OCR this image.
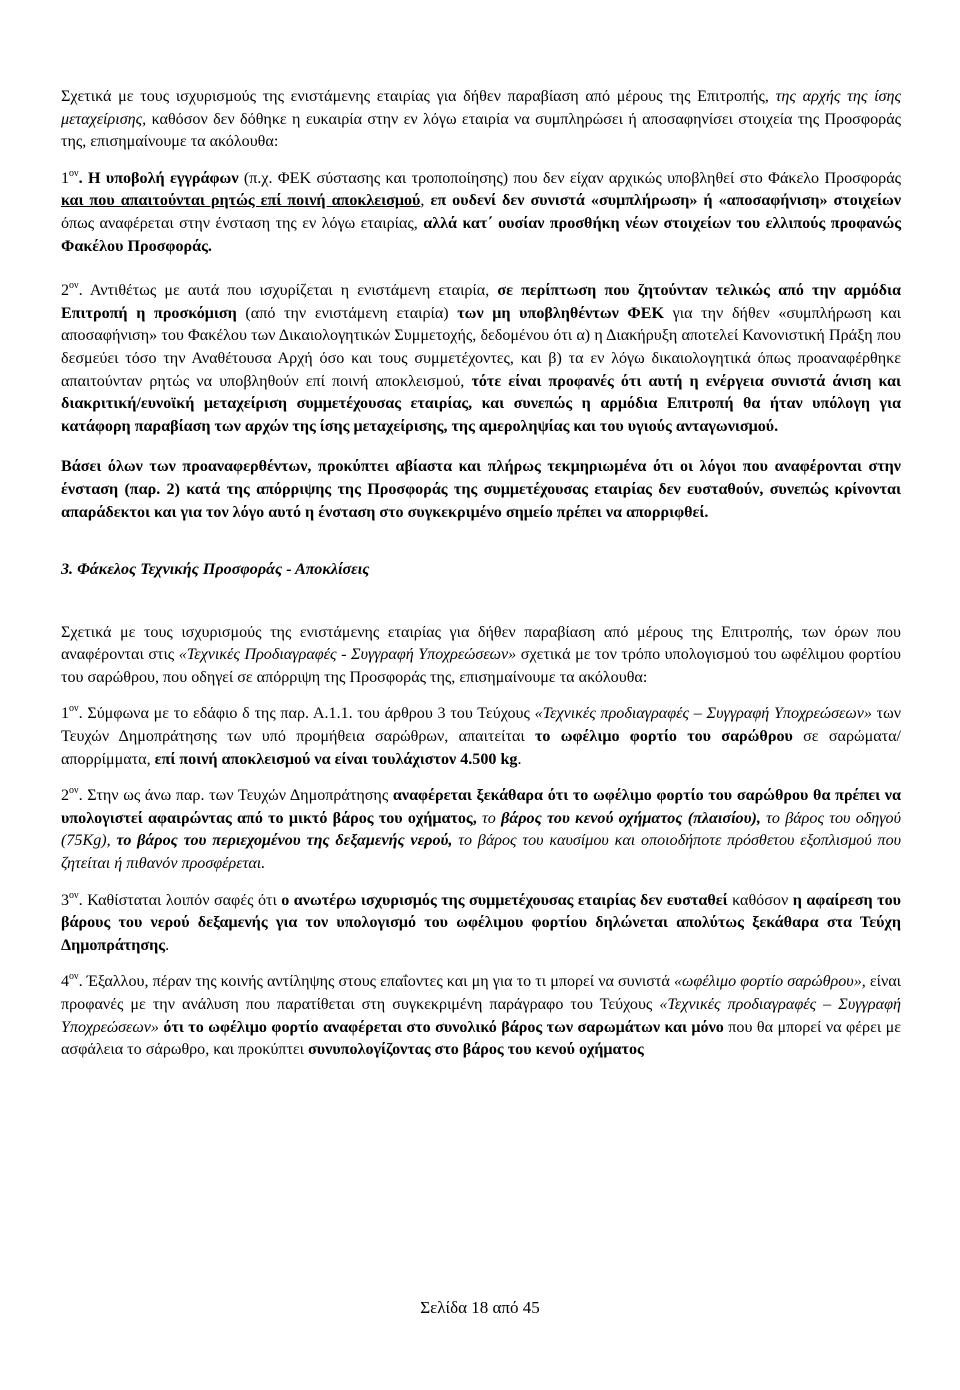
Σχετικά με τους ισχυρισμούς της ενιστάμενης εταιρίας για δήθεν παραβίαση από μέρους της Επιτροπής, της αρχής της ίσης μεταχείρισης, καθόσον δεν δόθηκε η ευκαιρία στην εν λόγω εταιρία να συμπληρώσει ή αποσαφηνίσει στοιχεία της Προσφοράς της, επισημαίνουμε τα ακόλουθα:

$1^{o\nu}$. Η υποβολή εγγράφων (π.χ. ΦΕΚ σύστασης και τροποποίησης) που δεν είχαν αρχικώς υποβληθεί στο Φάκελο Προσφοράς και που απαιτούνται ρητώς επί ποινή αποκλεισμού, επ ουδενί δεν συνιστά «συμπλήρωση» ή «αποσαφήνιση» στοιχείων όπως αναφέρεται στην ένσταση της εν λόγω εταιρίας, αλλά κατ΄ ουσίαν προσθήκη νέων στοιχείων του ελλιπούς προφανώς Φακέλου Προσφοράς.

$2^{o\nu}$. Αντιθέτως με αυτά που ισχυρίζεται η ενιστάμενη εταιρία, σε περίπτωση που ζητούνταν τελικώς από την αρμόδια Επιτροπή η προσκόμιση (από την ενιστάμενη εταιρία) των μη υποβληθέντων ΦΕΚ για την δήθεν «συμπλήρωση και αποσαφήνιση» του Φακέλου των Δικαιολογητικών Συμμετοχής, δεδομένου ότι α) η Διακήρυξη αποτελεί Κανονιστική Πράξη που δεσμεύει τόσο την Αναθέτουσα Αρχή όσο και τους συμμετέχοντες, και β) τα εν λόγω δικαιολογητικά όπως προαναφέρθηκε απαιτούνταν ρητώς να υποβληθούν επί ποινή αποκλεισμού, τότε είναι προφανές ότι αυτή η ενέργεια συνιστά άνιση και διακριτική/ευνοϊκή μεταχείριση συμμετέχουσας εταιρίας, και συνεπώς η αρμόδια Επιτροπή θα ήταν υπόλογη για κατάφορη παραβίαση των αρχών της ίσης μεταχείρισης, της αμεροληψίας και του υγιούς ανταγωνισμού.

Βάσει όλων των προαναφερθέντων, προκύπτει αβίαστα και πλήρως τεκμηριωμένα ότι οι λόγοι που αναφέρονται στην ένσταση (παρ. 2) κατά της απόρριψης της Προσφοράς της συμμετέχουσας εταιρίας δεν ευσταθούν, συνεπώς κρίνονται απαράδεκτοι και για τον λόγο αυτό η ένσταση στο συγκεκριμένο σημείο πρέπει να απορριφθεί.

3. Φάκελος Τεχνικής Προσφοράς - Αποκλίσεις

Σχετικά με τους ισχυρισμούς της ενιστάμενης εταιρίας για δήθεν παραβίαση από μέρους της Επιτροπής, των όρων που αναφέρονται στις «Τεχνικές Προδιαγραφές - Συγγραφή Υποχρεώσεων» σχετικά με τον τρόπο υπολογισμού του ωφέλιμου φορτίου του σαρώθρου, που οδηγεί σε απόρριψη της Προσφοράς της, επισημαίνουμε τα ακόλουθα:

$1^{o\nu}$. Σύμφωνα με το εδάφιο δ της παρ. Α.1.1. του άρθρου 3 του Τεύχους «Τεχνικές προδιαγραφές – Συγγραφή Υποχρεώσεων» των Τευχών Δημοπράτησης των υπό προμήθεια σαρώθρων, απαιτείται το ωφέλιμο φορτίο του σαρώθρου σε σαρώματα/απορρίμματα, επί ποινή αποκλεισμού να είναι τουλάχιστον 4.500 kg.

$2^{o\nu}$. Στην ως άνω παρ. των Τευχών Δημοπράτησης αναφέρεται ξεκάθαρα ότι το ωφέλιμο φορτίο του σαρώθρου θα πρέπει να υπολογιστεί αφαιρώντας από το μικτό βάρος του οχήματος, το βάρος του κενού οχήματος (πλαισίου), το βάρος του οδηγού (75Kg), το βάρος του περιεχομένου της δεξαμενής νερού, το βάρος του καυσίμου και οποιοδήποτε πρόσθετου εξοπλισμού που ζητείται ή πιθανόν προσφέρεται.

$3^{o\nu}$. Καθίσταται λοιπόν σαφές ότι ο ανωτέρω ισχυρισμός της συμμετέχουσας εταιρίας δεν ευσταθεί καθόσον η αφαίρεση του βάρους του νερού δεξαμενής για τον υπολογισμό του ωφέλιμου φορτίου δηλώνεται απολύτως ξεκάθαρα στα Τεύχη Δημοπράτησης.

$4^{o\nu}$. Έξαλλου, πέραν της κοινής αντίληψης στους επαΐοντες και μη για το τι μπορεί να συνιστά «ωφέλιμο φορτίο σαρώθρου», είναι προφανές με την ανάλυση που παρατίθεται στη συγκεκριμένη παράγραφο του Τεύχους «Τεχνικές προδιαγραφές – Συγγραφή Υποχρεώσεων» ότι το ωφέλιμο φορτίο αναφέρεται στο συνολικό βάρος των σαρωμάτων και μόνο που θα μπορεί να φέρει με ασφάλεια το σάρωθρο, και προκύπτει συνυπολογίζοντας στο βάρος του κενού οχήματος

Σελίδα 18 από 45
